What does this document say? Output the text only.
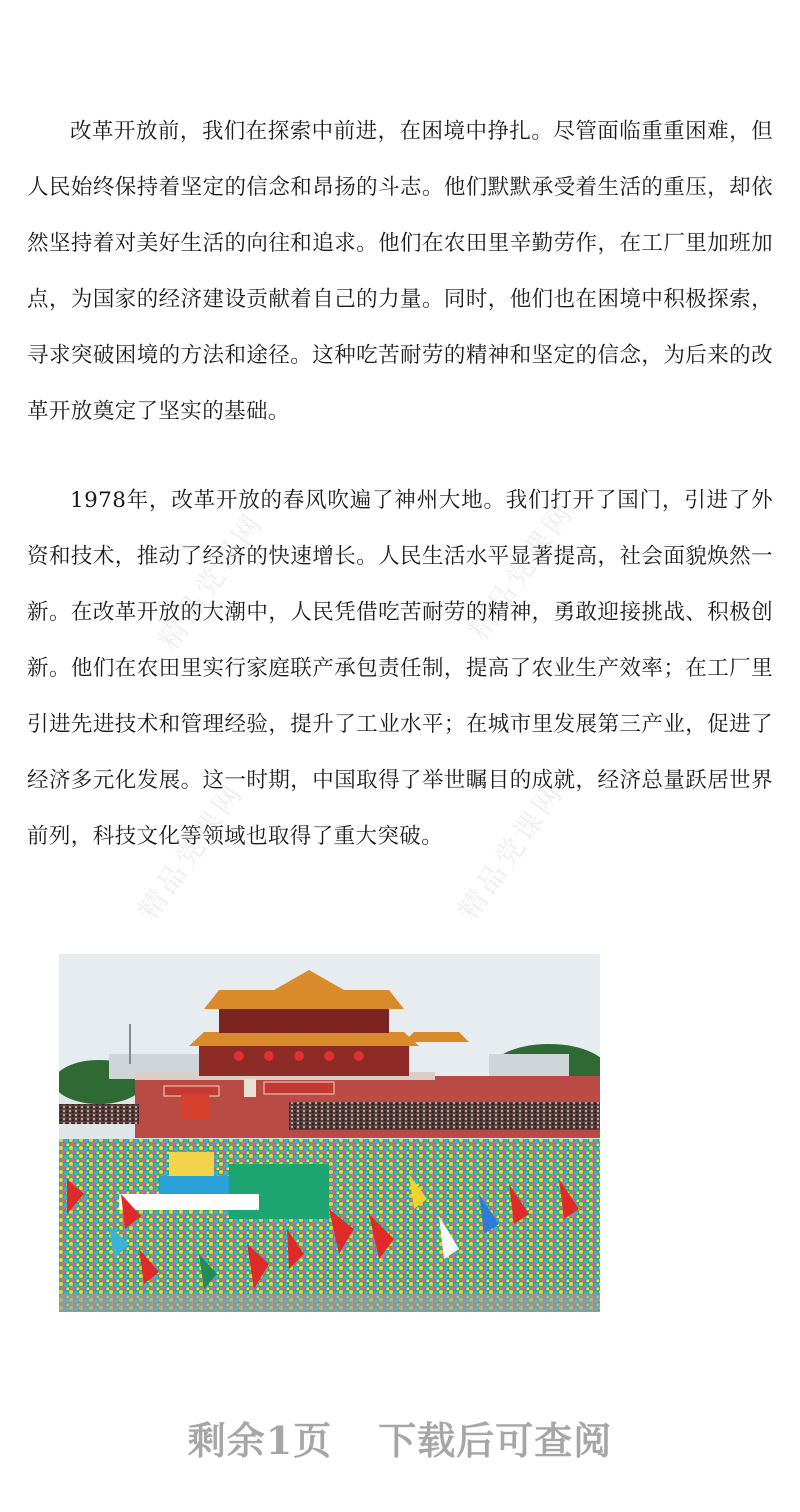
改革开放前，我们在探索中前进，在困境中挣扎。尽管面临重重困难，但人民始终保持着坚定的信念和昂扬的斗志。他们默默承受着生活的重压，却依然坚持着对美好生活的向往和追求。他们在农田里辛勤劳作，在工厂里加班加点，为国家的经济建设贡献着自己的力量。同时，他们也在困境中积极探索，寻求突破困境的方法和途径。这种吃苦耐劳的精神和坚定的信念，为后来的改革开放奠定了坚实的基础。

1978年，改革开放的春风吹遍了神州大地。我们打开了国门，引进了外资和技术，推动了经济的快速增长。人民生活水平显著提高，社会面貌焕然一新。在改革开放的大潮中，人民凭借吃苦耐劳的精神，勇敢迎接挑战、积极创新。他们在农田里实行家庭联产承包责任制，提高了农业生产效率；在工厂里引进先进技术和管理经验，提升了工业水平；在城市里发展第三产业，促进了经济多元化发展。这一时期，中国取得了举世瞩目的成就，经济总量跃居世界前列，科技文化等领域也取得了重大突破。

精品党课网	精品党课网
精品党课网	精品党课网
剩余1页 下载后可查阅
